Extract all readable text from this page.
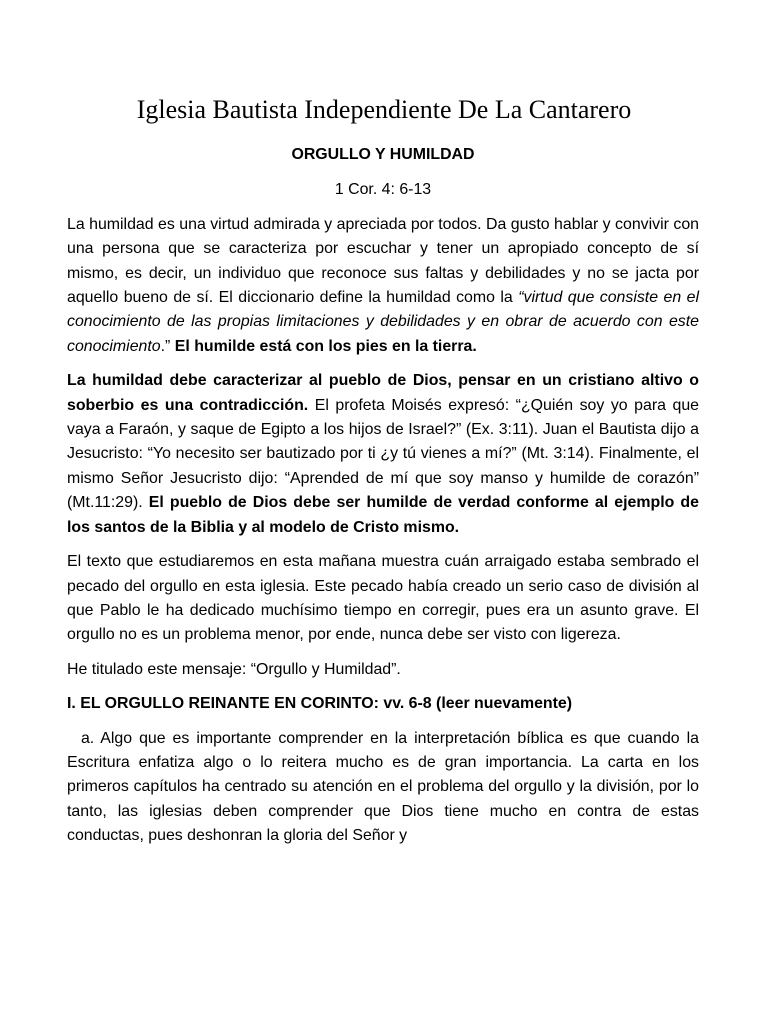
Iglesia Bautista Independiente De La Cantarero

ORGULLO Y HUMILDAD

1 Cor. 4: 6-13

La humildad es una virtud admirada y apreciada por todos. Da gusto hablar y convivir con una persona que se caracteriza por escuchar y tener un apropiado concepto de sí mismo, es decir, un individuo que reconoce sus faltas y debilidades y no se jacta por aquello bueno de sí. El diccionario define la humildad como la “virtud que consiste en el conocimiento de las propias limitaciones y debilidades y en obrar de acuerdo con este conocimiento.” El humilde está con los pies en la tierra.

La humildad debe caracterizar al pueblo de Dios, pensar en un cristiano altivo o soberbio es una contradicción. El profeta Moisés expresó: “¿Quién soy yo para que vaya a Faraón, y saque de Egipto a los hijos de Israel?” (Ex. 3:11). Juan el Bautista dijo a Jesucristo: “Yo necesito ser bautizado por ti ¿y tú vienes a mí?” (Mt. 3:14). Finalmente, el mismo Señor Jesucristo dijo: “Aprended de mí que soy manso y humilde de corazón” (Mt.11:29). El pueblo de Dios debe ser humilde de verdad conforme al ejemplo de los santos de la Biblia y al modelo de Cristo mismo.

El texto que estudiaremos en esta mañana muestra cuán arraigado estaba sembrado el pecado del orgullo en esta iglesia. Este pecado había creado un serio caso de división al que Pablo le ha dedicado muchísimo tiempo en corregir, pues era un asunto grave. El orgullo no es un problema menor, por ende, nunca debe ser visto con ligereza.

He titulado este mensaje: “Orgullo y Humildad”.

I. EL ORGULLO REINANTE EN CORINTO: vv. 6-8 (leer nuevamente)

a. Algo que es importante comprender en la interpretación bíblica es que cuando la Escritura enfatiza algo o lo reitera mucho es de gran importancia. La carta en los primeros capítulos ha centrado su atención en el problema del orgullo y la división, por lo tanto, las iglesias deben comprender que Dios tiene mucho en contra de estas conductas, pues deshonran la gloria del Señor y
